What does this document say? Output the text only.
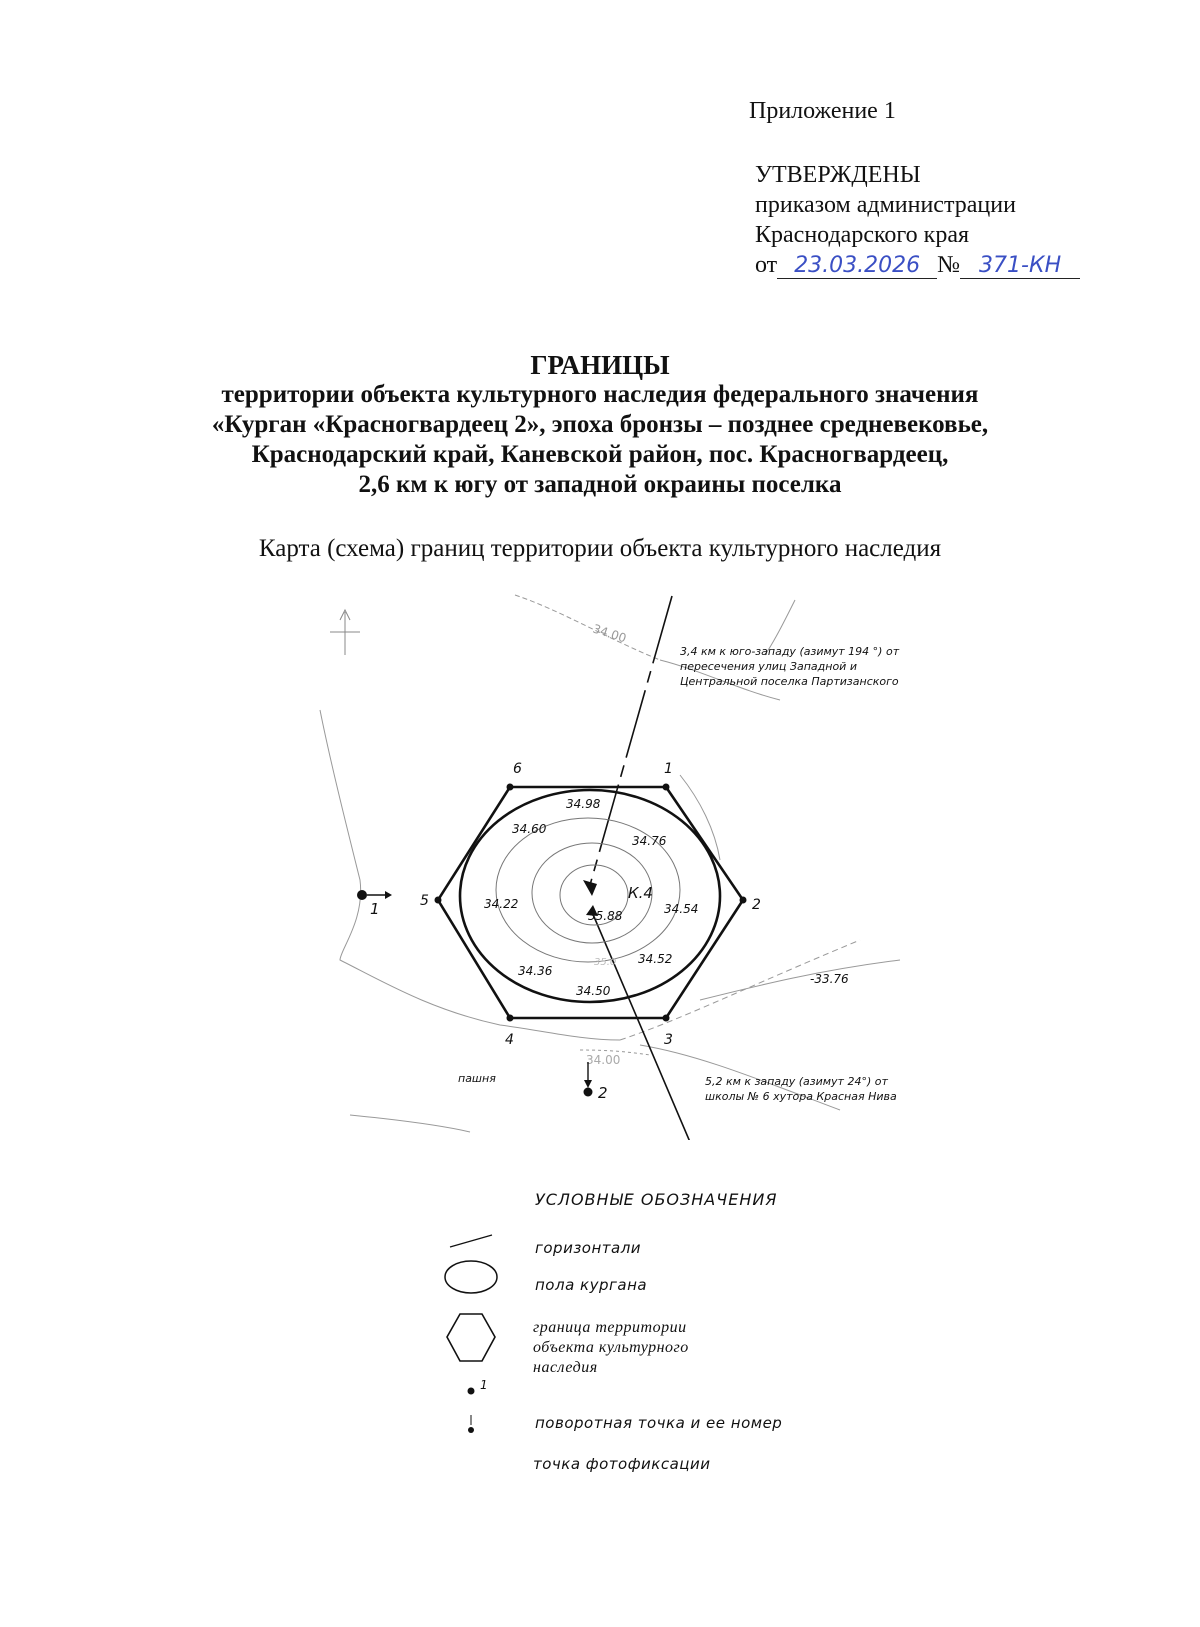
Приложение 1
УТВЕРЖДЕНЫ
приказом администрации
Краснодарского края
от 23.03.2026 № 371-КН
ГРАНИЦЫ
территории объекта культурного наследия федерального значения
«Курган «Красногвардеец 2», эпоха бронзы – позднее средневековье,
Краснодарский край, Каневской район, пос. Красногвардеец,
2,6 км к югу от западной окраины поселка
Карта (схема) границ территории объекта культурного наследия
34.00
34.00
1
2
3
4
5
6
34.98
34.60
34.76
34.22
35.88	34.54
34.36
34.52
34.50
-33.76
35.0
К.4
1
2
пашня
3,4 км к юго-западу (азимут 194 °) от
пересечения улиц Западной и
Центральной поселка Партизанского
5,2 км к западу (азимут 24°) от
школы № 6 хутора Красная Нива
УСЛОВНЫЕ ОБОЗНАЧЕНИЯ
1
горизонтали
пола кургана
граница территории
объекта культурного
наследия
поворотная точка и ее номер
точка фотофиксации
